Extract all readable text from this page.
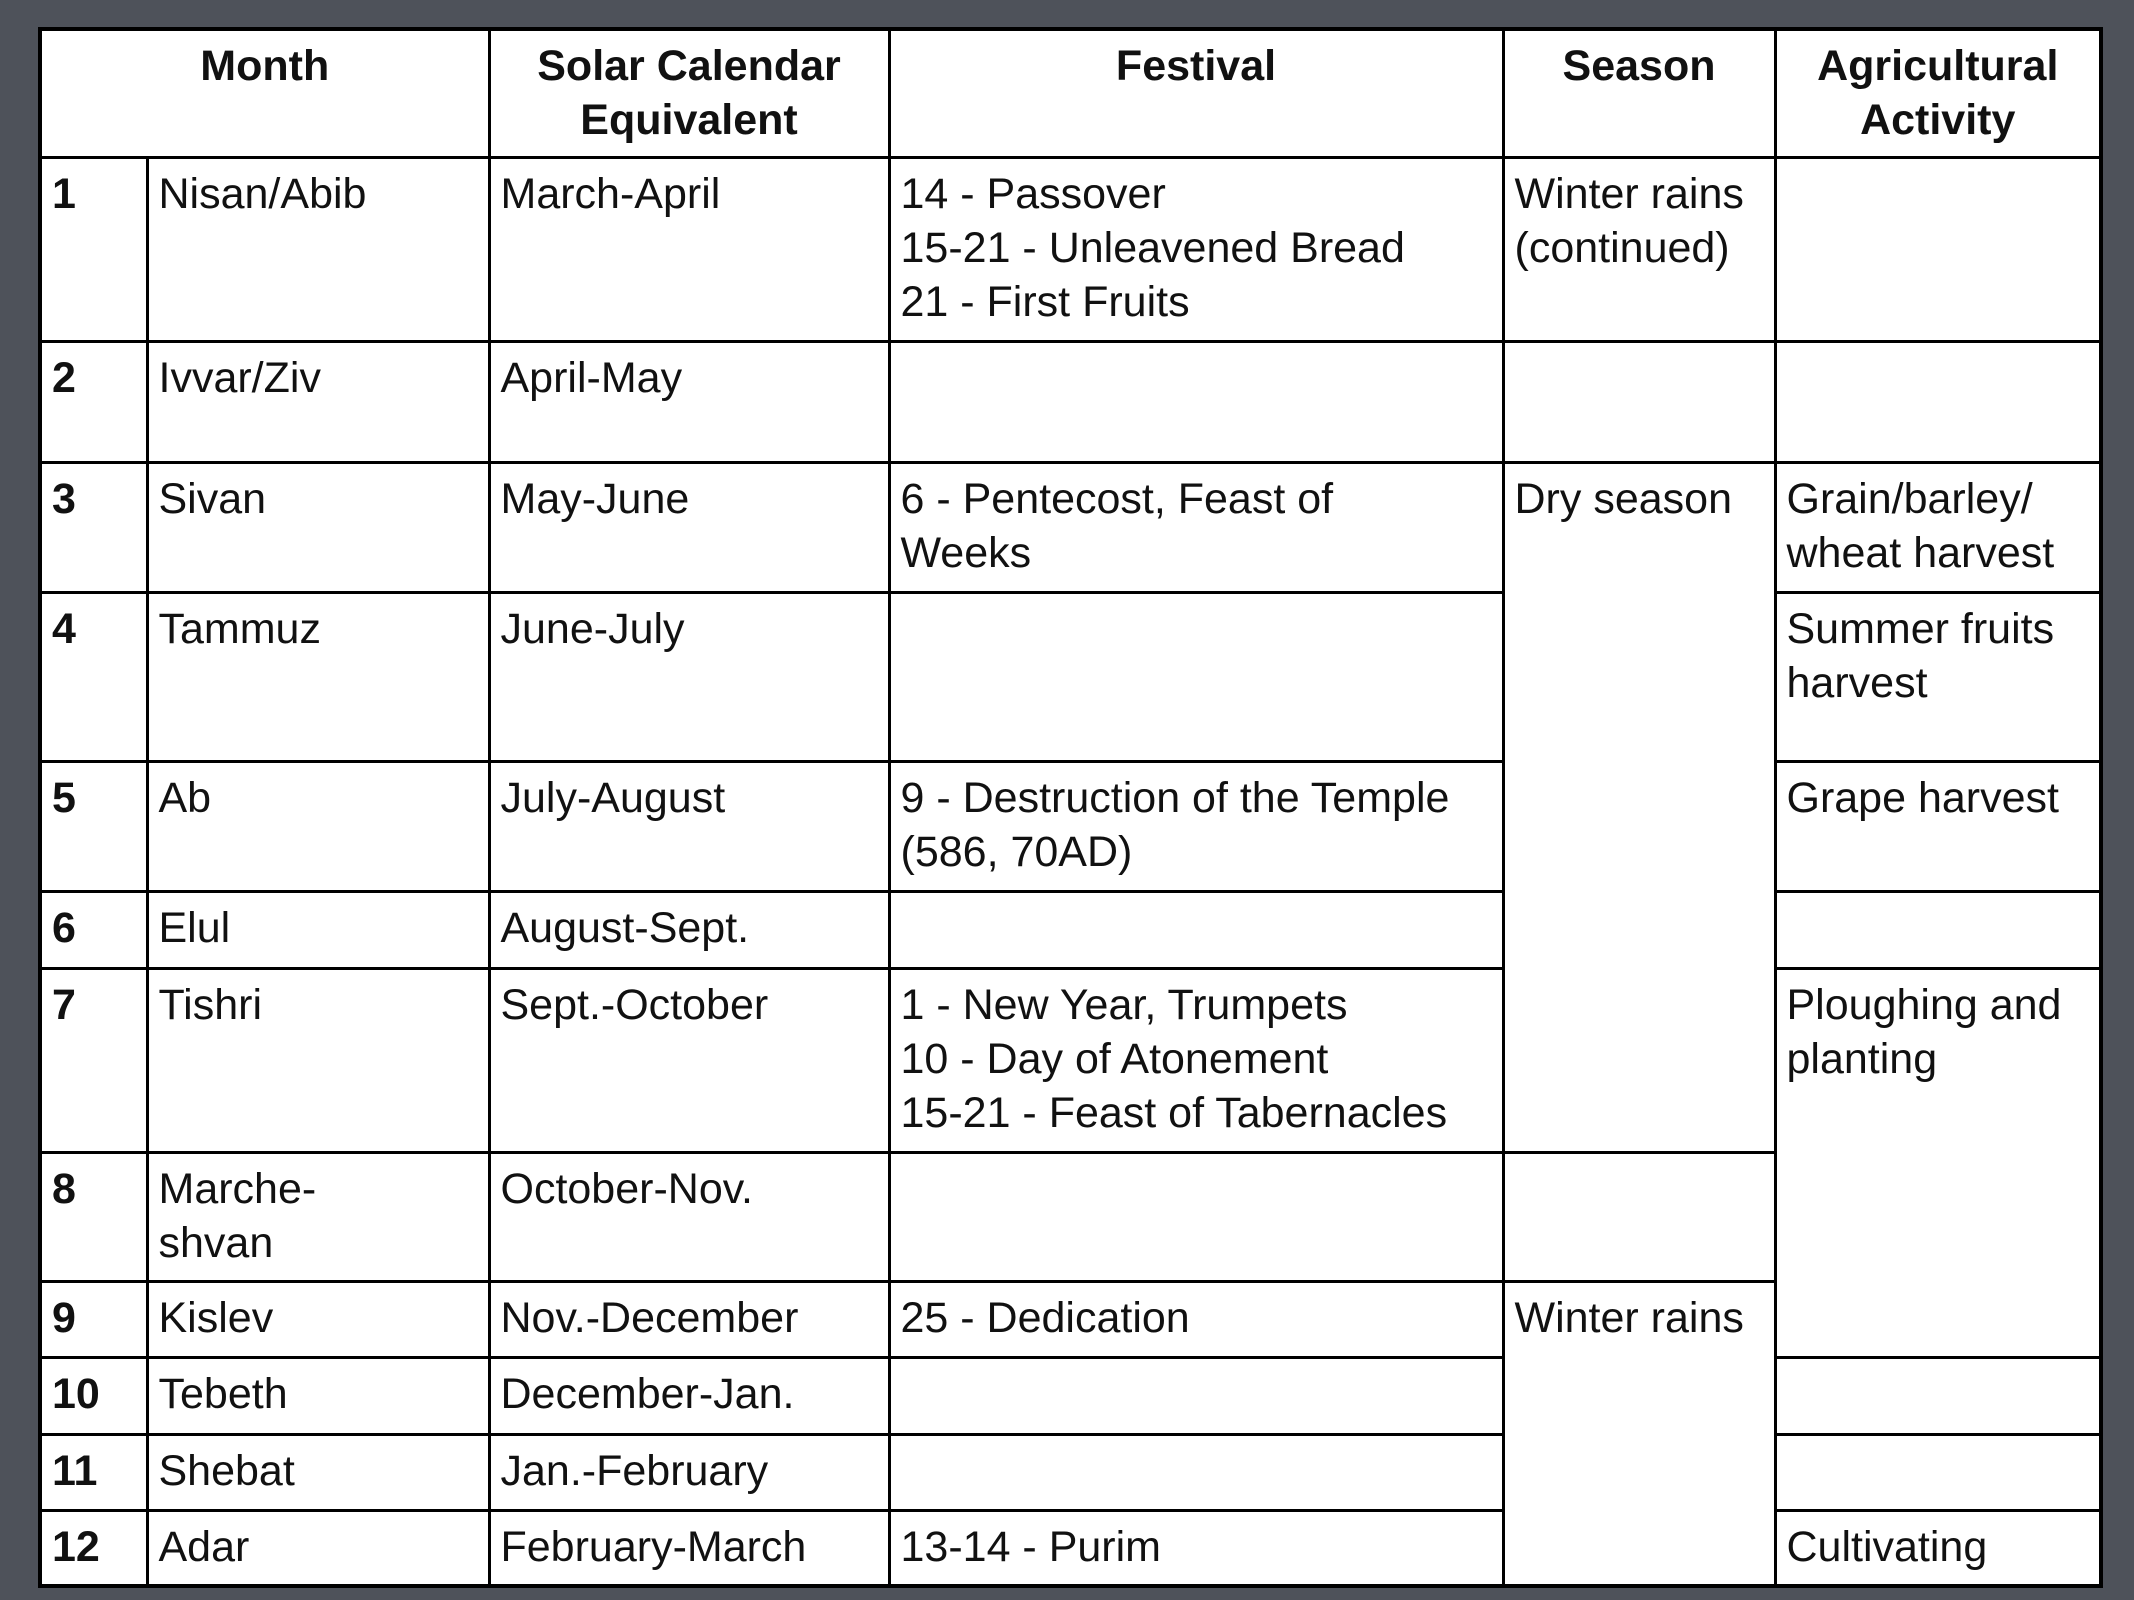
Month		Solar Calendar
Equivalent	Festival	Season	Agricultural
Activity

1	Nisan/Abib	March-April	14 - Passover
15-21 - Unleavened Bread
21 - First Fruits	Winter rains
(continued)	

2	Ivvar/Ziv	April-May			
3	Sivan	May-June	6 - Pentecost, Feast of
Weeks	Dry season	Grain/barley/
wheat harvest

4	Tammuz	June-July			Summer fruits
harvest

5	Ab	July-August	9 - Destruction of the Temple
(586, 70AD)		Grape harvest

6	Elul	August-Sept.			
7	Tishri	Sept.-October	1 - New Year, Trumpets
10 - Day of Atonement
15-21 - Feast of Tabernacles		Ploughing and
planting

8	Marche-
shvan	October-Nov.			
9	Kislev	Nov.-December	25 - Dedication	Winter rains	
10	Tebeth	December-Jan.			
11	Shebat	Jan.-February			
12	Adar	February-March	13-14 - Purim		Cultivating
